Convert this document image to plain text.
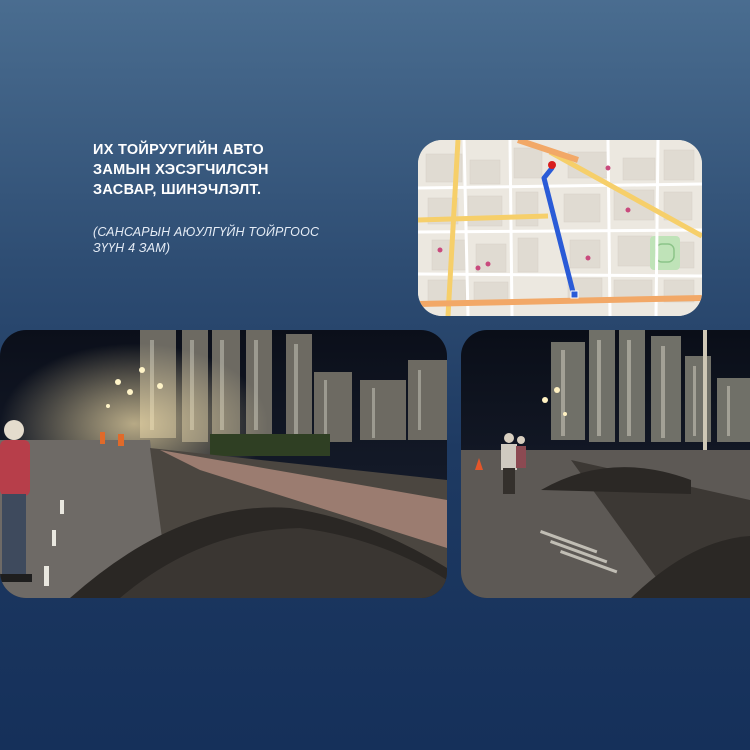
ИХ ТОЙРУУГИЙН АВТО
ЗАМЫН ХЭСЭГЧИЛСЭН
ЗАСВАР, ШИНЭЧЛЭЛТ.
(САНСАРЫН АЮУЛГҮЙН ТОЙРГООС
ЗҮҮН 4 ЗАМ)
